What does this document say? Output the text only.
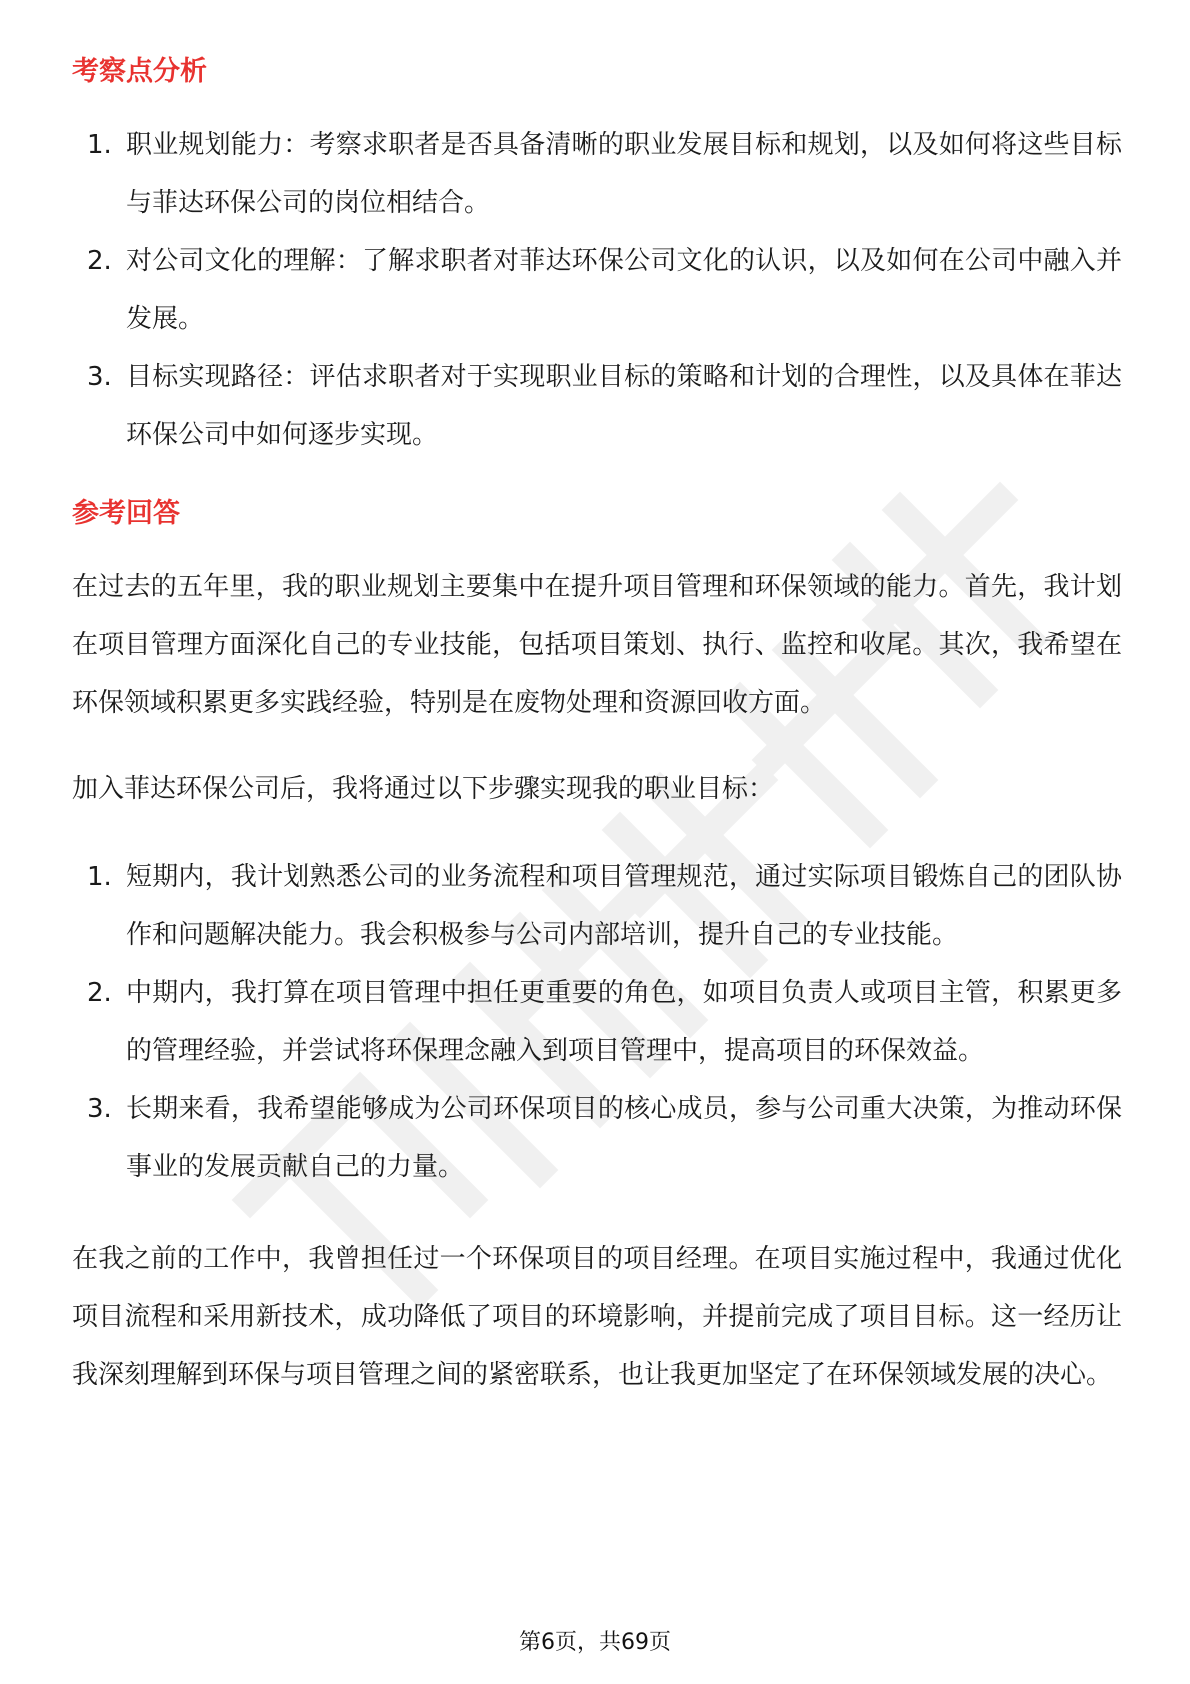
考察点分析
1. 职业规划能力：考察求职者是否具备清晰的职业发展目标和规划，以及如何将这些目标与菲达环保公司的岗位相结合。
2. 对公司文化的理解：了解求职者对菲达环保公司文化的认识，以及如何在公司中融入并发展。
3. 目标实现路径：评估求职者对于实现职业目标的策略和计划的合理性，以及具体在菲达环保公司中如何逐步实现。
参考回答

在过去的五年里，我的职业规划主要集中在提升项目管理和环保领域的能力。首先，我计划在项目管理方面深化自己的专业技能，包括项目策划、执行、监控和收尾。其次，我希望在环保领域积累更多实践经验，特别是在废物处理和资源回收方面。

加入菲达环保公司后，我将通过以下步骤实现我的职业目标：

1. 短期内，我计划熟悉公司的业务流程和项目管理规范，通过实际项目锻炼自己的团队协作和问题解决能力。我会积极参与公司内部培训，提升自己的专业技能。
2. 中期内，我打算在项目管理中担任更重要的角色，如项目负责人或项目主管，积累更多的管理经验，并尝试将环保理念融入到项目管理中，提高项目的环保效益。
3. 长期来看，我希望能够成为公司环保项目的核心成员，参与公司重大决策，为推动环保事业的发展贡献自己的力量。

在我之前的工作中，我曾担任过一个环保项目的项目经理。在项目实施过程中，我通过优化项目流程和采用新技术，成功降低了项目的环境影响，并提前完成了项目目标。这一经历让我深刻理解到环保与项目管理之间的紧密联系，也让我更加坚定了在环保领域发展的决心。

第6页，共69页
